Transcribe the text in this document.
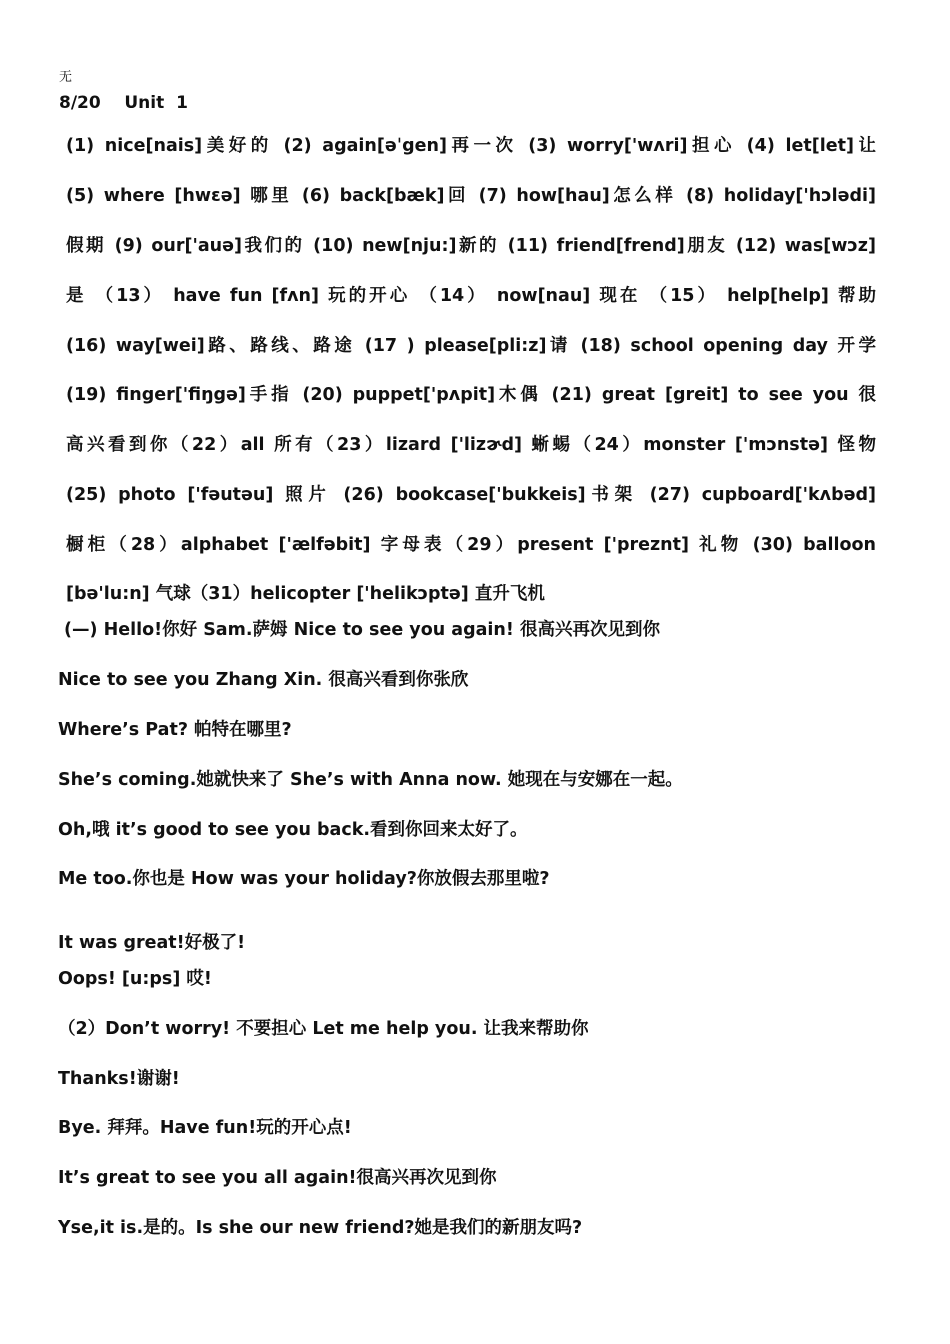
无
8/20    Unit  1
(1) nice[nais]美好的 (2) again[əˈgen]再一次 (3) worry['wʌri]担心 (4) let[let]让
(5) where [hwεə] 哪里 (6) back[bæk]回 (7) how[hau]怎么样 (8) holiday['hɔlədi]
假期 (9) our['auə]我们的 (10) new[nju:]新的 (11) friend[frend]朋友 (12) was[wɔz]
是 （13） have fun [fʌn] 玩的开心 （14） now[nau] 现在 （15） help[help] 帮助
(16) way[wei]路、路线、路途 (17 ) please[pli:z]请 (18) school opening day 开学
(19) finger['fiŋgə]手指 (20) puppet['pʌpit]木偶 (21) great [greit] to see you 很
高兴看到你（22）all 所有（23）lizard ['lizɚd] 蜥蜴（24）monster ['mɔnstə] 怪物
(25) photo ['fəutəu] 照片 (26) bookcase['bukkeis]书架 (27) cupboard['kʌbəd]
橱柜（28）alphabet ['ælfəbit] 字母表（29）present ['preznt] 礼物 (30) balloon
[bə'lu:n] 气球（31）helicopter ['helikɔptə] 直升飞机
(—) Hello!你好 Sam.萨姆 Nice to see you again! 很高兴再次见到你
Nice to see you Zhang Xin. 很高兴看到你张欣
Where’s Pat? 帕特在哪里?
She’s coming.她就快来了 She’s with Anna now. 她现在与安娜在一起。
Oh,哦 it’s good to see you back.看到你回来太好了。
Me too.你也是 How was your holiday?你放假去那里啦?
It was great!好极了!
Oops! [u:ps] 哎!
（2）Don’t worry! 不要担心 Let me help you. 让我来帮助你
Thanks!谢谢!
Bye. 拜拜。Have fun!玩的开心点!
It’s great to see you all again!很高兴再次见到你
Yse,it is.是的。Is she our new friend?她是我们的新朋友吗?
